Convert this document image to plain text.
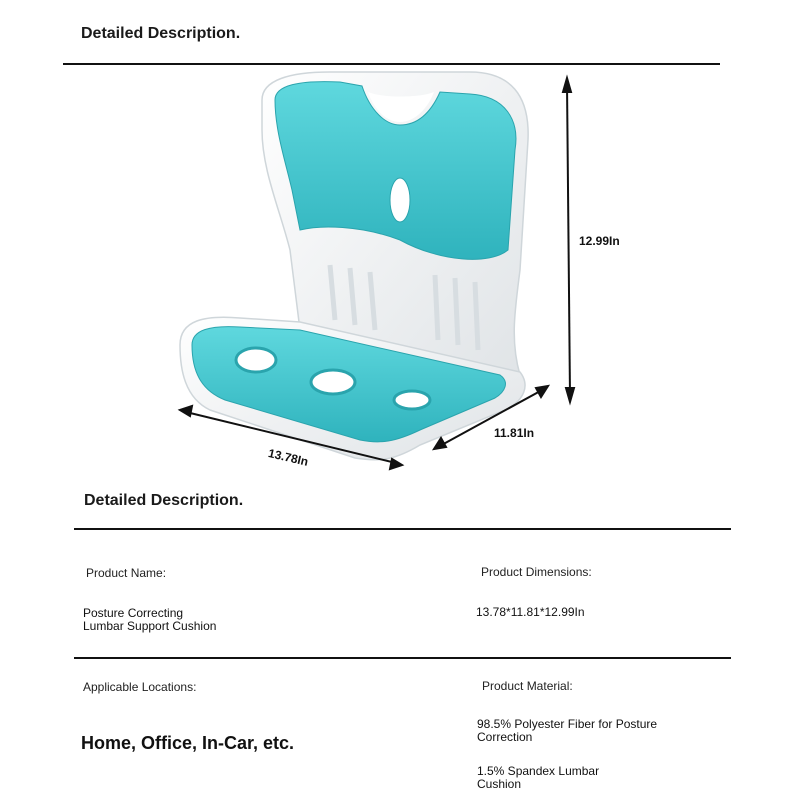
Detailed Description.
12.99In
11.81In
13.78In
Detailed Description.
Product Name:
Posture Correcting
Lumbar Support Cushion
Product Dimensions:
13.78*11.81*12.99In
Applicable Locations:
Home, Office, In-Car, etc.
Product Material:
98.5% Polyester Fiber for Posture
Correction
1.5% Spandex Lumbar
Cushion
